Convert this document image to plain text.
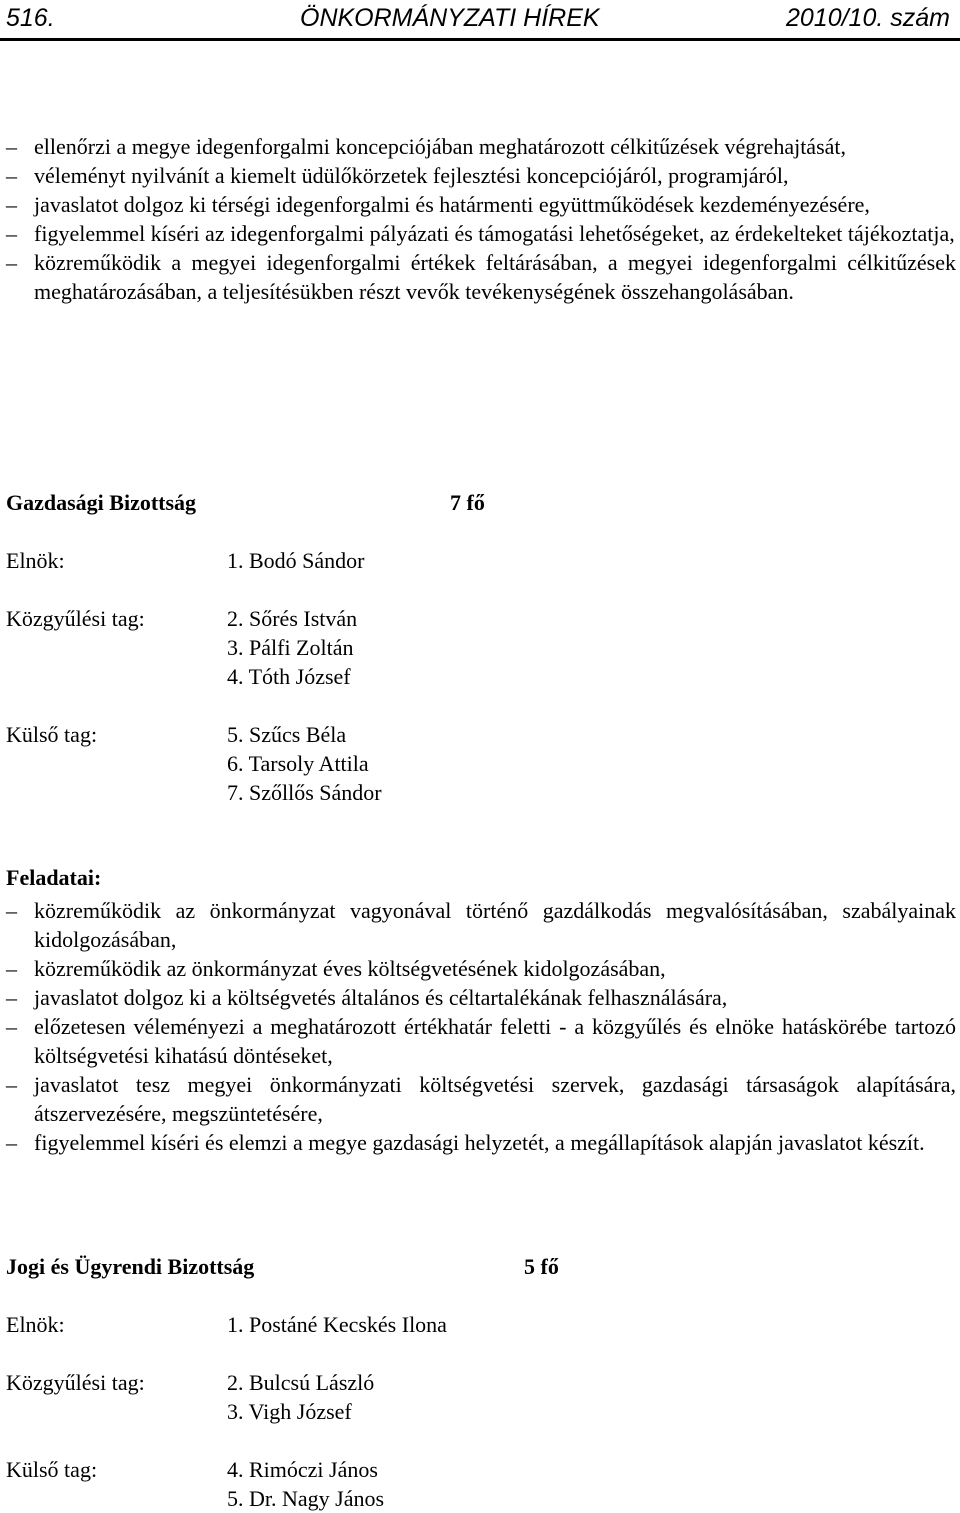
516.	ÖNKORMÁNYZATI HÍREK	2010/10. szám
– ellenőrzi a megye idegenforgalmi koncepciójában meghatározott célkitűzések végrehajtását,
– véleményt nyilvánít a kiemelt üdülőkörzetek fejlesztési koncepciójáról, programjáról,
– javaslatot dolgoz ki térségi idegenforgalmi és határmenti együttműködések kezdeményezésére,
– figyelemmel kíséri az idegenforgalmi pályázati és támogatási lehetőségeket, az érdekelteket tájékoztatja,
– közreműködik a megyei idegenforgalmi értékek feltárásában, a megyei idegenforgalmi célkitűzések meghatározásában, a teljesítésükben részt vevők tevékenységének összehangolásában.
Gazdasági Bizottság	7 fő
Elnök:	1. Bodó Sándor
Közgyűlési tag:	2. Sőrés István
3. Pálfi Zoltán
4. Tóth József
Külső tag:	5. Szűcs Béla
6. Tarsoly Attila
7. Szőllős Sándor
Feladatai:
– közreműködik az önkormányzat vagyonával történő gazdálkodás megvalósításában, szabályainak kidolgozásában,
– közreműködik az önkormányzat éves költségvetésének kidolgozásában,
– javaslatot dolgoz ki a költségvetés általános és céltartalékának felhasználására,
– előzetesen véleményezi a meghatározott értékhatár feletti - a közgyűlés és elnöke hatáskörébe tartozó költségvetési kihatású döntéseket,
– javaslatot tesz megyei önkormányzati költségvetési szervek, gazdasági társaságok alapítására, átszervezésére, megszüntetésére,
– figyelemmel kíséri és elemzi a megye gazdasági helyzetét, a megállapítások alapján javaslatot készít.
Jogi és Ügyrendi Bizottság	5 fő
Elnök:	1. Postáné Kecskés Ilona
Közgyűlési tag:	2. Bulcsú László
3. Vigh József
Külső tag:	4. Rimóczi János
5. Dr. Nagy János
